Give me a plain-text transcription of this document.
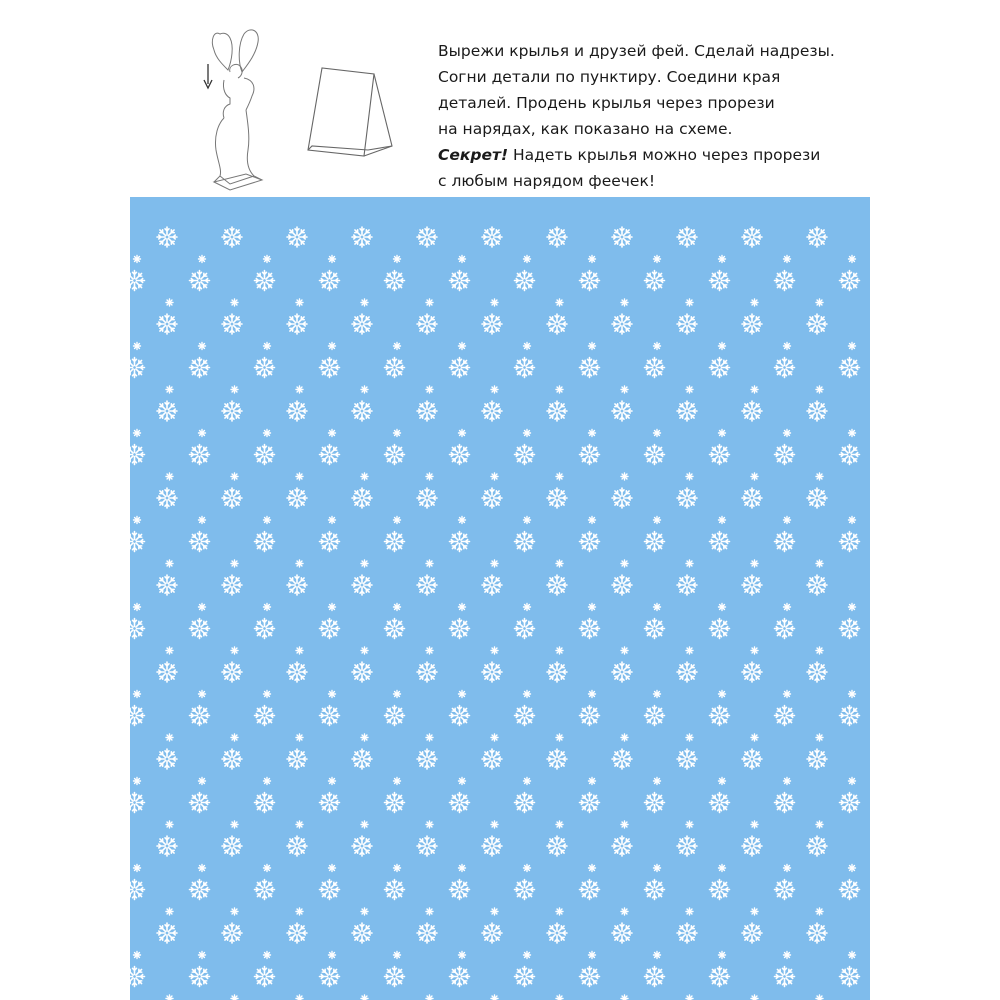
Вырежи крылья и друзей фей. Сделай надрезы.
Согни детали по пунктиру. Соедини края
деталей. Продень крылья через прорези
на нарядах, как показано на схеме.
Секрет! Надеть крылья можно через прорези
с любым нарядом феечек!
